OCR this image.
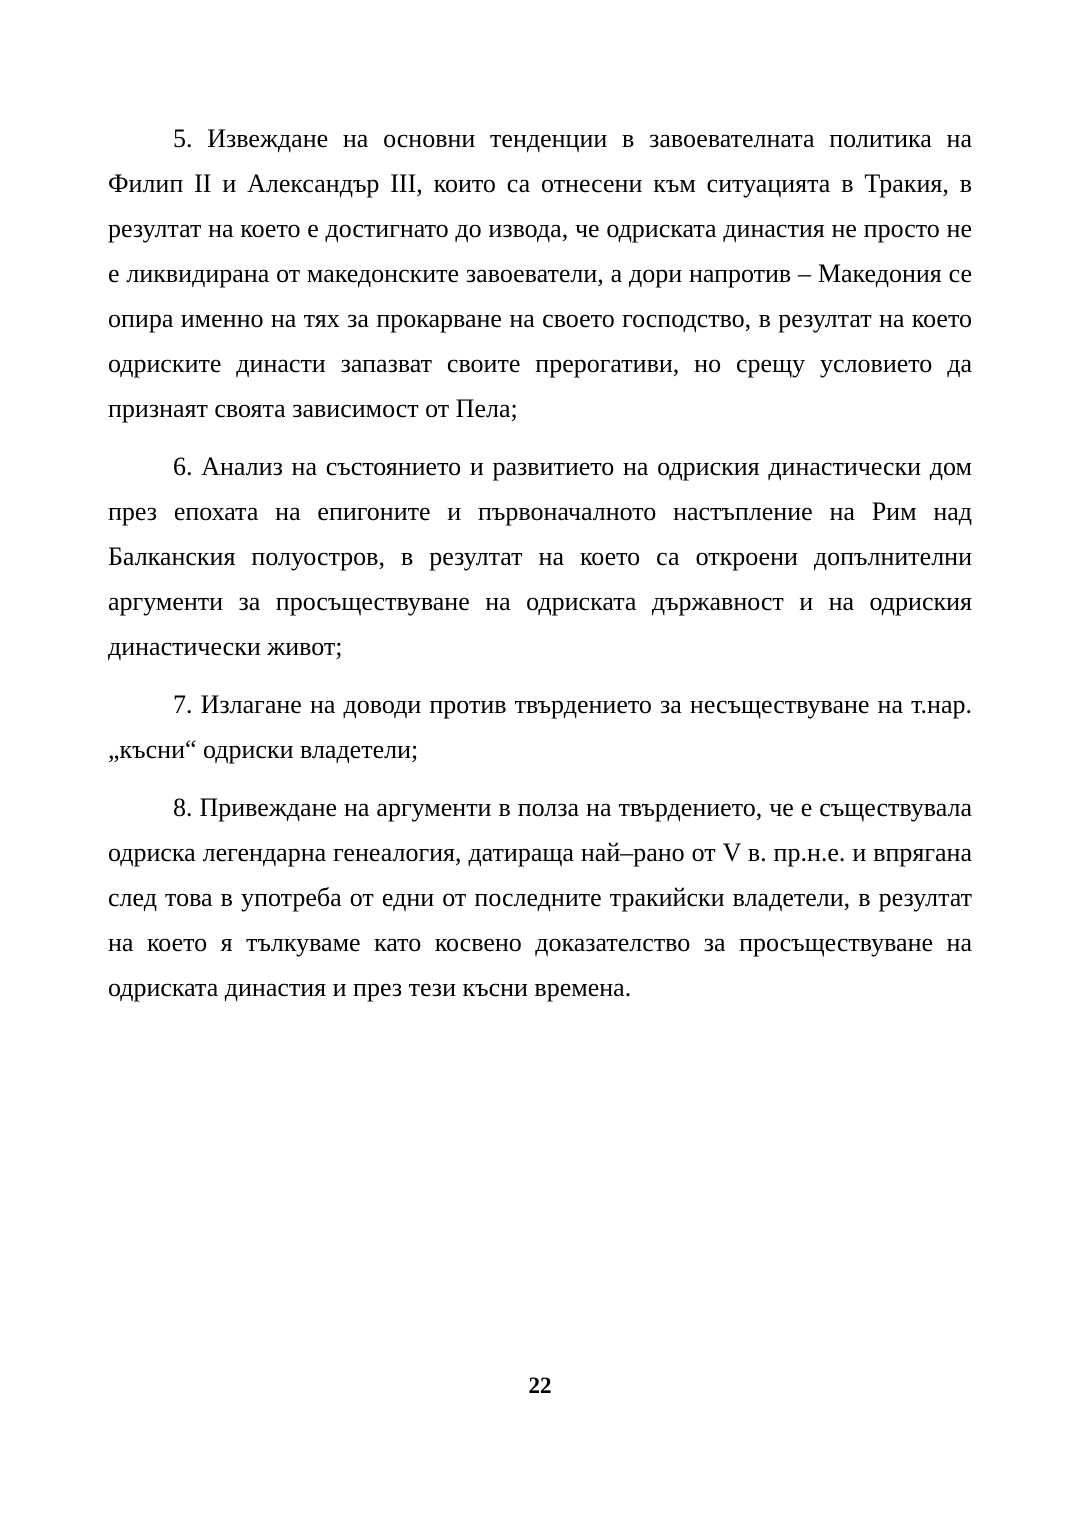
5. Извеждане на основни тенденции в завоевателната политика на Филип II и Александър III, които са отнесени към ситуацията в Тракия, в резултат на което е достигнато до извода, че одриската династия не просто не е ликвидирана от македонските завоеватели, а дори напротив – Македония се опира именно на тях за прокарване на своето господство, в резултат на което одриските династи запазват своите прерогативи, но срещу условието да признаят своята зависимост от Пела;

6. Анализ на състоянието и развитието на одриския династически дом през епохата на епигоните и първоначалното настъпление на Рим над Балканския полуостров, в резултат на което са откроени допълнителни аргументи за просъществуване на одриската държавност и на одриския династически живот;

7. Излагане на доводи против твърдението за несъществуване на т.нар. „късни“ одриски владетели;

8. Привеждане на аргументи в полза на твърдението, че е съществувала одриска легендарна генеалогия, датираща най–рано от V в. пр.н.е. и впрягана след това в употреба от едни от последните тракийски владетели, в резултат на което я тълкуваме като косвено доказателство за просъществуване на одриската династия и през тези късни времена.

22
